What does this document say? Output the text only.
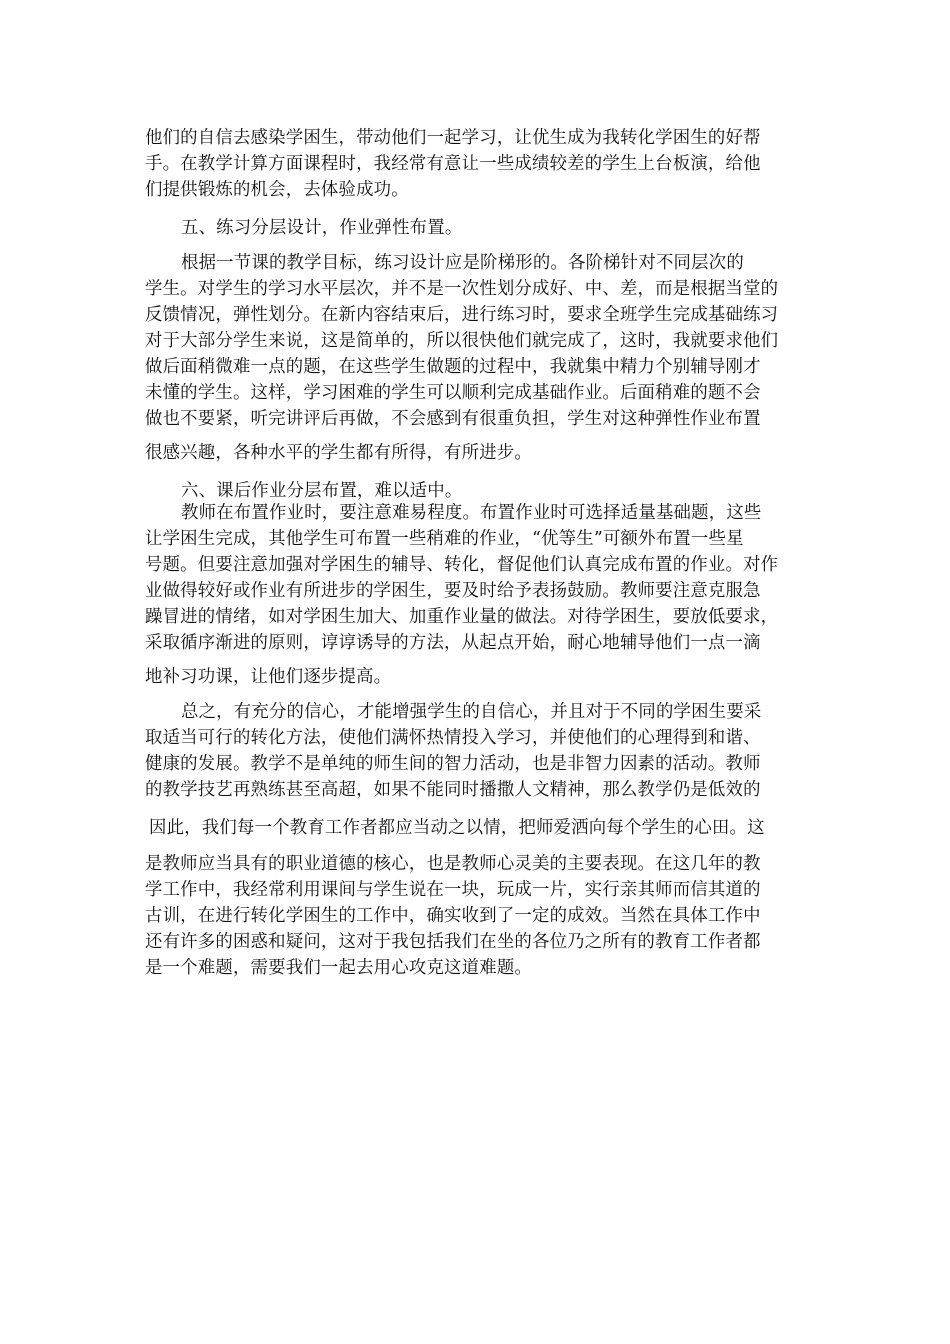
他们的自信去感染学困生，带动他们一起学习，让优生成为我转化学困生的好帮
手。在教学计算方面课程时，我经常有意让一些成绩较差的学生上台板演，给他
们提供锻炼的机会，去体验成功。
五、练习分层设计，作业弹性布置。
根据一节课的教学目标，练习设计应是阶梯形的。各阶梯针对不同层次的
学生。对学生的学习水平层次，并不是一次性划分成好、中、差，而是根据当堂的
反馈情况，弹性划分。在新内容结束后，进行练习时，要求全班学生完成基础练习
对于大部分学生来说，这是简单的，所以很快他们就完成了，这时，我就要求他们
做后面稍微难一点的题，在这些学生做题的过程中，我就集中精力个别辅导刚才
未懂的学生。这样，学习困难的学生可以顺利完成基础作业。后面稍难的题不会
做也不要紧，听完讲评后再做，不会感到有很重负担，学生对这种弹性作业布置
很感兴趣，各种水平的学生都有所得，有所进步。
六、课后作业分层布置，难以适中。
教师在布置作业时，要注意难易程度。布置作业时可选择适量基础题，这些
让学困生完成，其他学生可布置一些稍难的作业，“优等生”可额外布置一些星
号题。但要注意加强对学困生的辅导、转化，督促他们认真完成布置的作业。对作
业做得较好或作业有所进步的学困生，要及时给予表扬鼓励。教师要注意克服急
躁冒进的情绪，如对学困生加大、加重作业量的做法。对待学困生，要放低要求，
采取循序渐进的原则，谆谆诱导的方法，从起点开始，耐心地辅导他们一点一滴
地补习功课，让他们逐步提高。
总之，有充分的信心，才能增强学生的自信心，并且对于不同的学困生要采
取适当可行的转化方法，使他们满怀热情投入学习，并使他们的心理得到和谐、
健康的发展。教学不是单纯的师生间的智力活动，也是非智力因素的活动。教师
的教学技艺再熟练甚至高超，如果不能同时播撒人文精神，那么教学仍是低效的
因此，我们每一个教育工作者都应当动之以情，把师爱洒向每个学生的心田。这
是教师应当具有的职业道德的核心，也是教师心灵美的主要表现。在这几年的教
学工作中，我经常利用课间与学生说在一块，玩成一片，实行亲其师而信其道的
古训，在进行转化学困生的工作中，确实收到了一定的成效。当然在具体工作中
还有许多的困惑和疑问，这对于我包括我们在坐的各位乃之所有的教育工作者都
是一个难题，需要我们一起去用心攻克这道难题。
